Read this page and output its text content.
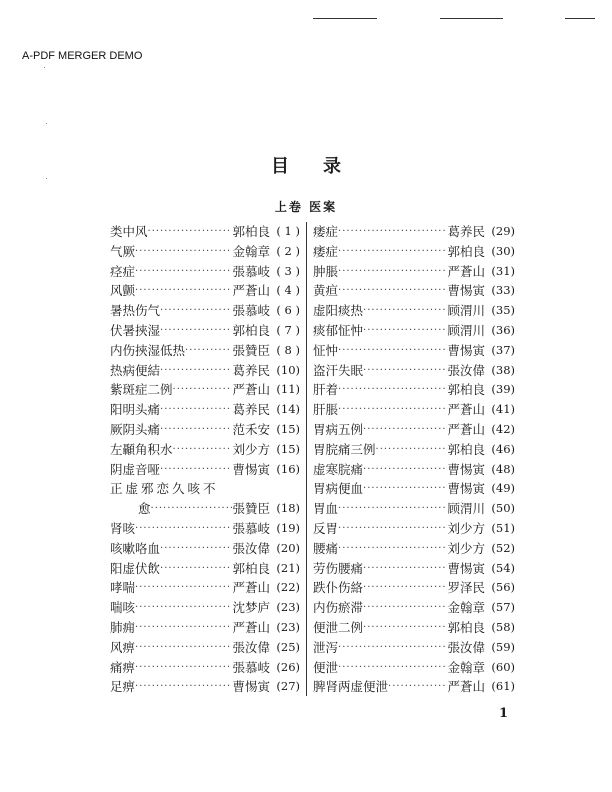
A-PDF MERGER DEMO
目录
上卷 医案
类中风 ·····	郭柏良 ( 1 )
气厥 ·····	金翰章 ( 2 )
痉症 ·····	張慕岐 ( 3 )
风颤 ·····	严蒼山 ( 4 )
暑热伤气 ·····	張慕岐 ( 6 )
伏暑挾湿 ·····	郭柏良 ( 7 )
内伤挾湿低热 ·····	張贊臣 ( 8 )
热病便結 ·····	葛养民 (10)
紫斑症二例 ·····	严蒼山 (11)
阳明头痛 ·····	葛养民 (14)
厥阴头痛 ·····	范禾安 (15)
左顳角积水 ·····	刘少方 (15)
阴虚音哑 ·····	曹惕寅 (16)
正虚邪恋久咳不
愈 ·····	張贊臣 (18)
肾咳 ·····	張慕岐 (19)
咳嗽咯血 ·····	張汝偉 (20)
阳虚伏飲 ·····	郭柏良 (21)
哮喘 ·····	严蒼山 (22)
喘咳 ·····	沈梦庐 (23)
肺痈 ·····	严蒼山 (23)
风痹 ·····	張汝偉 (25)
痛痹 ·····	張慕岐 (26)
足痹 ·····	曹惕寅 (27)
痿症 ·····	葛养民 (29)
痿症 ·····	郭柏良 (30)
肿脹 ·····	严蒼山 (31)
黄疸 ·····	曹惕寅 (33)
虚阳痰热 ·····	顾渭川 (35)
痰郁怔忡 ·····	顾渭川 (36)
怔忡 ·····	曹惕寅 (37)
盗汗失眠 ·····	張汝偉 (38)
肝着 ·····	郭柏良 (39)
肝脹 ·····	严蒼山 (41)
胃病五例 ·····	严蒼山 (42)
胃脘痛三例 ·····	郭柏良 (46)
虚寒脘痛 ·····	曹惕寅 (48)
胃病便血 ·····	曹惕寅 (49)
胃血 ·····	顾渭川 (50)
反胃 ·····	刘少方 (51)
腰痛 ·····	刘少方 (52)
劳伤腰痛 ·····	曹惕寅 (54)
跌仆伤絡 ·····	罗泽民 (56)
内伤瘀滞 ·····	金翰章 (57)
便泄二例 ·····	郭柏良 (58)
泄泻 ·····	張汝偉 (59)
便泄 ·····	金翰章 (60)
脾肾两虚便泄 ·····	严蒼山 (61)
1
